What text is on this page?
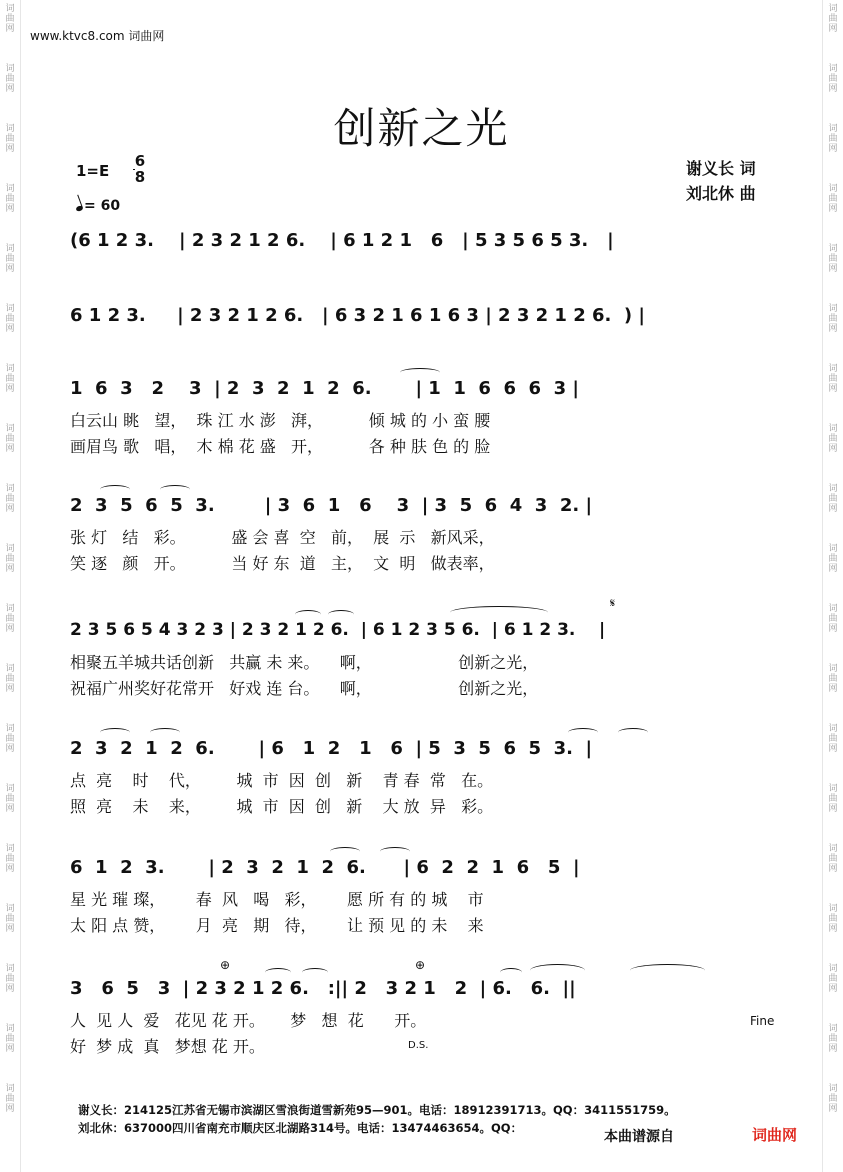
词
曲
网
词
曲
网
词
曲
网
词
曲
网
词
曲
网
词
曲
网
词
曲
网
词
曲
网
词
曲
网
词
曲
网
词
曲
网
词
曲
网
词
曲
网
词
曲
网
词
曲
网
词
曲
网
词
曲
网
词
曲
网
词
曲
网
词
曲
网
词
曲
网
词
曲
网
词
曲
网
词
曲
网
词
曲
网
词
曲
网
词
曲
网
词
曲
网
词
曲
网
词
曲
网
词
曲
网
词
曲
网
词
曲
网
词
曲
网
词
曲
网
词
曲
网
词
曲
网
词
曲
网
www.ktvc8.com 词曲网
创新之光
1=E
6
8
= 60
谢义长 词
刘北休 曲
(6 1 2 3.    | 2 3 2 1 2 6.    | 6 1 2 1   6   | 5 3 5 6 5 3.   |
6 1 2 3.     | 2 3 2 1 2 6.   | 6 3 2 1 6 1 6 3 | 2 3 2 1 2 6.  ) |
1  6  3   2    3  | 2  3  2  1  2  6.       | 1  1  6  6  6  3 |
白云山 眺   望，  珠 江 水 澎   湃，         倾 城 的 小 蛮 腰
画眉鸟 歌   唱，  木 棉 花 盛   开，         各 种 肤 色 的 脸
2  3  5  6  5  3.        | 3  6  1   6    3  | 3  5  6  4  3  2. |
张 灯   结   彩。         盛 会 喜  空   前，  展  示   新风采，
笑 逐   颜   开。         当 好 东  道   主，  文  明   做表率，
2 3 5 6 5 4 3 2 3 | 2 3 2 1 2 6.  | 6 1 2 3 5 6.  | 6 1 2 3.    |
相聚五羊城共话创新   共赢 未 来。    啊，                 创新之光，
祝福广州奖好花常开   好戏 连 台。    啊，                 创新之光，
𝄋
2  3  2  1  2  6.       | 6   1  2   1   6  | 5  3  5  6  5  3.  |
点  亮    时    代，       城  市  因  创   新    青 春  常   在。
照  亮    未    来，       城  市  因  创   新    大 放  异   彩。
6  1  2  3.       | 2  3  2  1  2  6.      | 6  2  2  1  6   5  |
星 光 璀 璨，      春  风   喝   彩，      愿 所 有 的 城    市
太 阳 点 赞，      月  亮   期   待，      让 预 见 的 未    来
3   6  5   3  | 2 3 2 1 2 6.   :|| 2   3 2 1   2  | 6.   6.  ||
人  见 人  爱   花见 花 开。     梦   想  花      开。
好  梦 成  真   梦想 花 开。
⊕	⊕
Fine
D.S.
谢义长：214125江苏省无锡市滨湖区雪浪街道雪新苑95—901。电话：18912391713。QQ：3411551759。
刘北休：637000四川省南充市顺庆区北湖路314号。电话：13474463654。QQ：
本曲谱源自	词曲网
